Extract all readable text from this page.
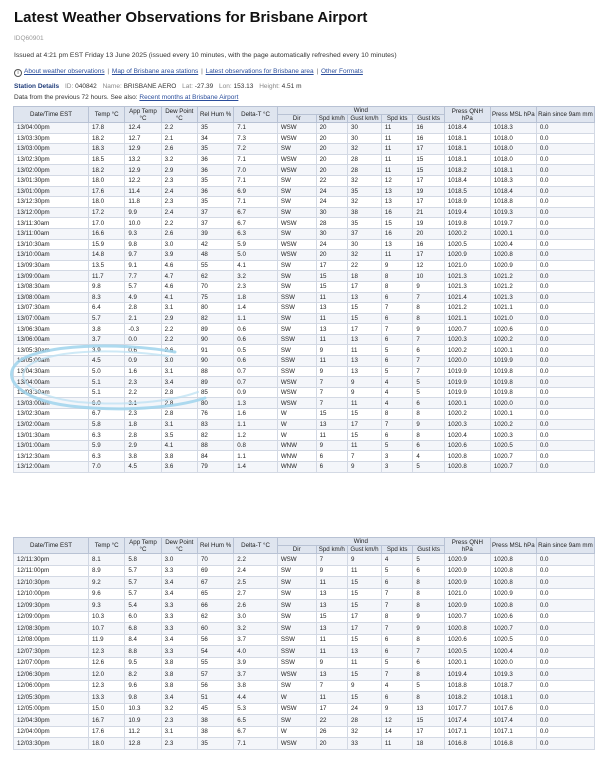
Latest Weather Observations for Brisbane Airport
IDQ60901
Issued at 4:21 pm EST Friday 13 June 2025 (issued every 10 minutes, with the page automatically refreshed every 10 minutes)
i About weather observations | Map of Brisbane area stations | Latest observations for Brisbane area | Other Formats
Station Details ID: 040842 Name: BRISBANE AERO Lat: -27.39 Lon: 153.13 Height: 4.51 m
Data from the previous 72 hours. See also: Recent months at Brisbane Airport
Date/Time EST	Temp °C	App Temp °C	Dew Point °C	Rel Hum %	Delta-T °C	Wind					Press QNH hPa	Press MSL hPa	Rain since 9am mm
						Dir	Spd km/h	Gust km/h	Spd kts	Gust kts			
13/04:00pm	17.8	12.4	2.2	35	7.1	WSW	20	30	11	16	1018.4	1018.3	0.0
13/03:30pm	18.2	12.7	2.1	34	7.3	WSW	20	30	11	16	1018.1	1018.0	0.0
13/03:00pm	18.3	12.9	2.6	35	7.2	SW	20	32	11	17	1018.1	1018.0	0.0
13/02:30pm	18.5	13.2	3.2	36	7.1	WSW	20	28	11	15	1018.1	1018.0	0.0
13/02:00pm	18.2	12.9	2.9	36	7.0	WSW	20	28	11	15	1018.2	1018.1	0.0
13/01:30pm	18.0	12.2	2.3	35	7.1	SW	22	32	12	17	1018.4	1018.3	0.0
13/01:00pm	17.6	11.4	2.4	36	6.9	SW	24	35	13	19	1018.5	1018.4	0.0
13/12:30pm	18.0	11.8	2.3	35	7.1	SW	24	32	13	17	1018.9	1018.8	0.0
13/12:00pm	17.2	9.9	2.4	37	6.7	SW	30	38	16	21	1019.4	1019.3	0.0
13/11:30am	17.0	10.0	2.2	37	6.7	WSW	28	35	15	19	1019.8	1019.7	0.0
13/11:00am	16.6	9.3	2.6	39	6.3	SW	30	37	16	20	1020.2	1020.1	0.0
13/10:30am	15.9	9.8	3.0	42	5.9	WSW	24	30	13	16	1020.5	1020.4	0.0
13/10:00am	14.8	9.7	3.9	48	5.0	WSW	20	32	11	17	1020.9	1020.8	0.0
13/09:30am	13.5	9.1	4.6	55	4.1	SW	17	22	9	12	1021.0	1020.9	0.0
13/09:00am	11.7	7.7	4.7	62	3.2	SW	15	18	8	10	1021.3	1021.2	0.0
13/08:30am	9.8	5.7	4.6	70	2.3	SW	15	17	8	9	1021.3	1021.2	0.0
13/08:00am	8.3	4.9	4.1	75	1.8	SSW	11	13	6	7	1021.4	1021.3	0.0
13/07:30am	6.4	2.8	3.1	80	1.4	SSW	13	15	7	8	1021.2	1021.1	0.0
13/07:00am	5.7	2.1	2.9	82	1.1	SW	11	15	6	8	1021.1	1021.0	0.0
13/06:30am	3.8	-0.3	2.2	89	0.6	SW	13	17	7	9	1020.7	1020.6	0.0
13/06:00am	3.7	0.0	2.2	90	0.6	SSW	11	13	6	7	1020.3	1020.2	0.0
13/05:30am	3.9	0.6	2.6	91	0.5	SW	9	11	5	6	1020.2	1020.1	0.0
13/05:00am	4.5	0.9	3.0	90	0.6	SSW	11	13	6	7	1020.0	1019.9	0.0
13/04:30am	5.0	1.6	3.1	88	0.7	SSW	9	13	5	7	1019.9	1019.8	0.0
13/04:00am	5.1	2.3	3.4	89	0.7	WSW	7	9	4	5	1019.9	1019.8	0.0
13/03:30am	5.1	2.2	2.8	85	0.9	WSW	7	9	4	5	1019.9	1019.8	0.0
13/03:00am	6.0	3.1	2.8	80	1.3	WSW	7	11	4	6	1020.1	1020.0	0.0
13/02:30am	6.7	2.3	2.8	76	1.6	W	15	15	8	8	1020.2	1020.1	0.0
13/02:00am	5.8	1.8	3.1	83	1.1	W	13	17	7	9	1020.3	1020.2	0.0
13/01:30am	6.3	2.8	3.5	82	1.2	W	11	15	6	8	1020.4	1020.3	0.0
13/01:00am	5.9	2.9	4.1	88	0.8	WNW	9	11	5	6	1020.6	1020.5	0.0
13/12:30am	6.3	3.8	3.8	84	1.1	WNW	6	7	3	4	1020.8	1020.7	0.0
13/12:00am	7.0	4.5	3.6	79	1.4	WNW	6	9	3	5	1020.8	1020.7	0.0
Date/Time EST	Temp °C	App Temp °C	Dew Point °C	Rel Hum %	Delta-T °C	Wind					Press QNH hPa	Press MSL hPa	Rain since 9am mm
						Dir	Spd km/h	Gust km/h	Spd kts	Gust kts			
12/11:30pm	8.1	5.8	3.0	70	2.2	WSW	7	9	4	5	1020.9	1020.8	0.0
12/11:00pm	8.9	5.7	3.3	69	2.4	SW	9	11	5	6	1020.9	1020.8	0.0
12/10:30pm	9.2	5.7	3.4	67	2.5	SW	11	15	6	8	1020.9	1020.8	0.0
12/10:00pm	9.6	5.7	3.4	65	2.7	SW	13	15	7	8	1021.0	1020.9	0.0
12/09:30pm	9.3	5.4	3.3	66	2.6	SW	13	15	7	8	1020.9	1020.8	0.0
12/09:00pm	10.3	6.0	3.3	62	3.0	SW	15	17	8	9	1020.7	1020.6	0.0
12/08:30pm	10.7	6.8	3.3	60	3.2	SW	13	17	7	9	1020.8	1020.7	0.0
12/08:00pm	11.9	8.4	3.4	56	3.7	SSW	11	15	6	8	1020.6	1020.5	0.0
12/07:30pm	12.3	8.8	3.3	54	4.0	SSW	11	13	6	7	1020.5	1020.4	0.0
12/07:00pm	12.6	9.5	3.8	55	3.9	SSW	9	11	5	6	1020.1	1020.0	0.0
12/06:30pm	12.0	8.2	3.8	57	3.7	WSW	13	15	7	8	1019.4	1019.3	0.0
12/06:00pm	12.3	9.6	3.8	56	3.8	SW	7	9	4	5	1018.8	1018.7	0.0
12/05:30pm	13.3	9.8	3.4	51	4.4	W	11	15	6	8	1018.2	1018.1	0.0
12/05:00pm	15.0	10.3	3.2	45	5.3	WSW	17	24	9	13	1017.7	1017.6	0.0
12/04:30pm	16.7	10.9	2.3	38	6.5	SW	22	28	12	15	1017.4	1017.4	0.0
12/04:00pm	17.6	11.2	3.1	38	6.7	W	26	32	14	17	1017.1	1017.1	0.0
12/03:30pm	18.0	12.8	2.3	35	7.1	WSW	20	33	11	18	1016.8	1016.8	0.0
